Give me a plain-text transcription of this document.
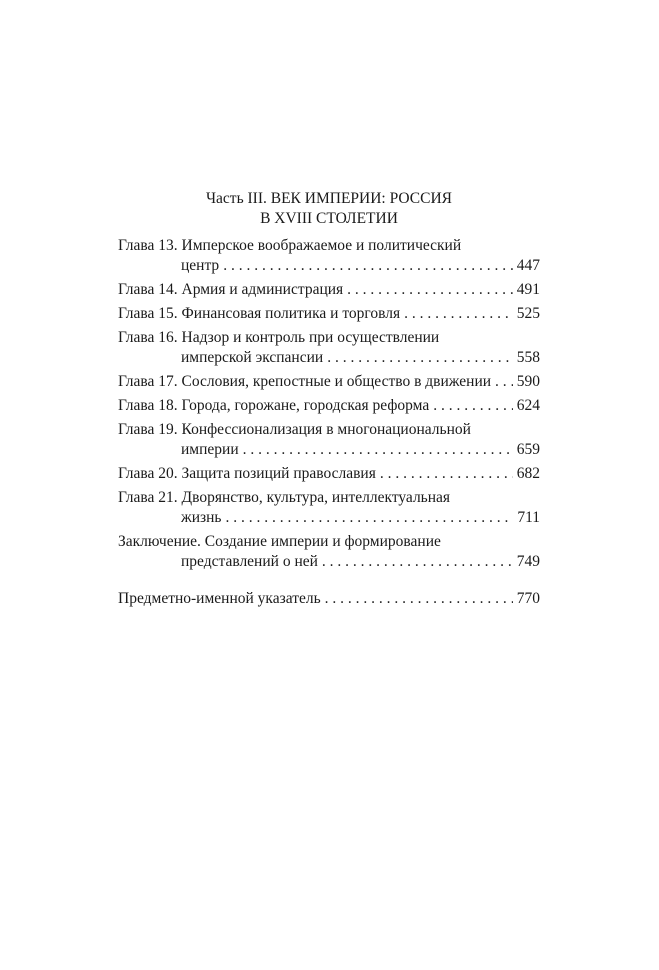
Часть III. ВЕК ИМПЕРИИ: РОССИЯ
В XVIII СТОЛЕТИИ
Глава 13. Имперское воображаемое и политический
центр . . .	447
Глава 14. Армия и администрация . . .	491
Глава 15. Финансовая политика и торговля . . .	525
Глава 16. Надзор и контроль при осуществлении
имперской экспансии . . .	558
Глава 17. Сословия, крепостные и общество в движении . . . 590
Глава 18. Города, горожане, городская реформа . . .	624
Глава 19. Конфессионализация в многонациональной
империи . . .	659
Глава 20. Защита позиций православия . . .	682
Глава 21. Дворянство, культура, интеллектуальная
жизнь . . .	711
Заключение. Создание империи и формирование
представлений о ней . . .	749
Предметно-именной указатель . . .	770
